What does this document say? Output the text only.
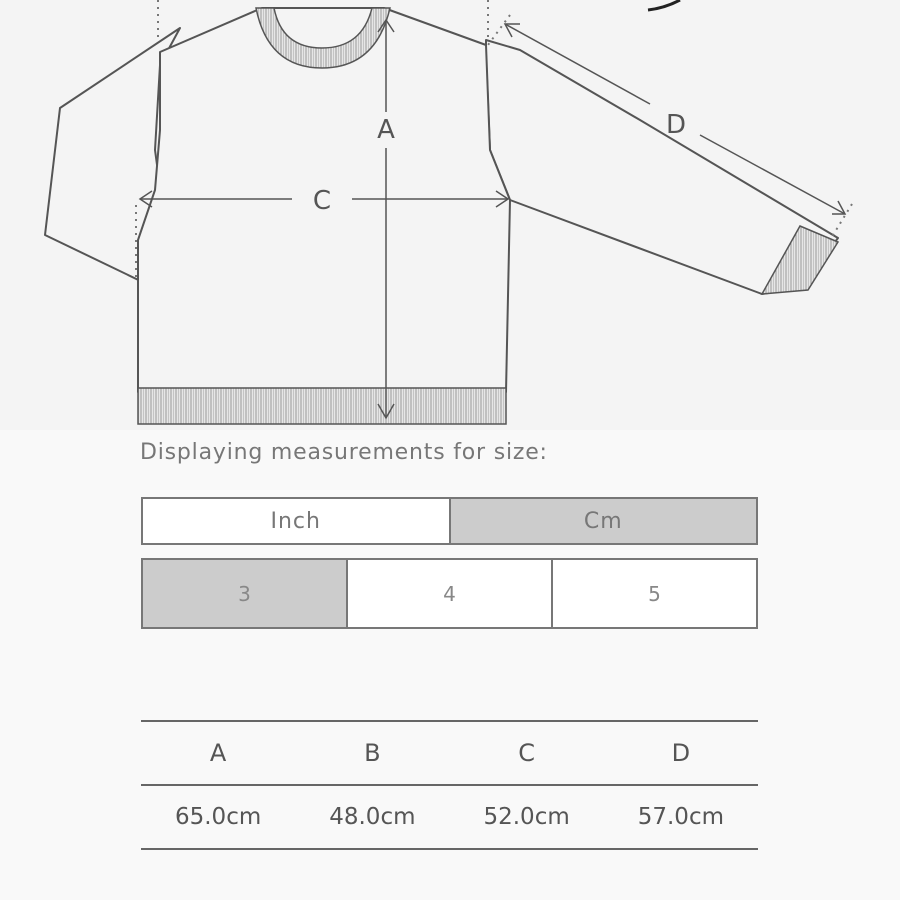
A
C
D
Displaying measurements for size:
Inch	Cm
3	4	5
A	B	C	D
65.0cm	48.0cm	52.0cm	57.0cm
